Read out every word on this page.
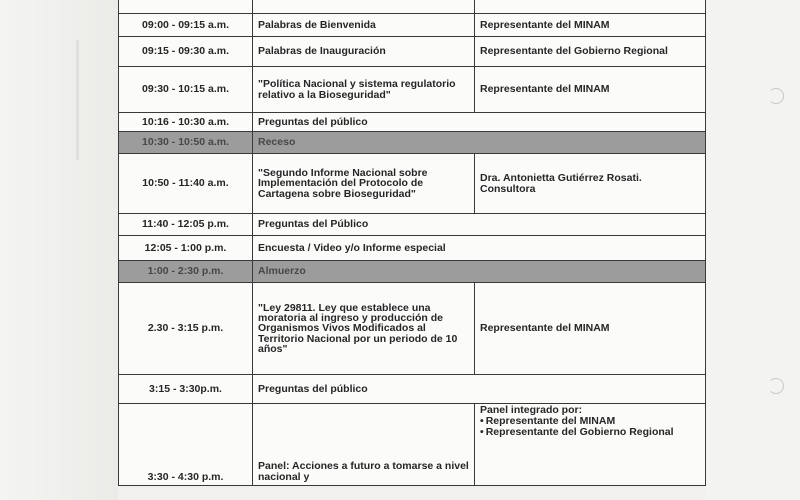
09:00 - 09:15 a.m.	Palabras de Bienvenida	Representante del MINAM
09:15 - 09:30 a.m.	Palabras de Inauguración	Representante del Gobierno Regional
09:30 - 10:15 a.m.	"Política Nacional y sistema regulatorio relativo a la Bioseguridad"	Representante del MINAM
10:16 - 10:30 a.m.	Preguntas del público	
10:30 - 10:50 a.m.	Receso	
10:50 - 11:40 a.m.	"Segundo Informe Nacional sobre Implementación del Protocolo de Cartagena sobre Bioseguridad"	Dra. Antonietta Gutiérrez Rosati. Consultora
11:40 - 12:05 p.m.	Preguntas del Público	
12:05 - 1:00 p.m.	Encuesta / Video y/o Informe especial	
1:00 - 2:30 p.m.	Almuerzo	
2.30 - 3:15 p.m.	"Ley 29811. Ley que establece una moratoria al ingreso y producción de Organismos Vivos Modificados al Territorio Nacional por un periodo de 10 años"	Representante del MINAM
3:15 - 3:30p.m.	Preguntas del público	
3:30 - 4:30 p.m.	Panel: Acciones a futuro a tomarse a nivel nacional y	Panel integrado por:
• Representante del MINAM
• Representante del Gobierno Regional
